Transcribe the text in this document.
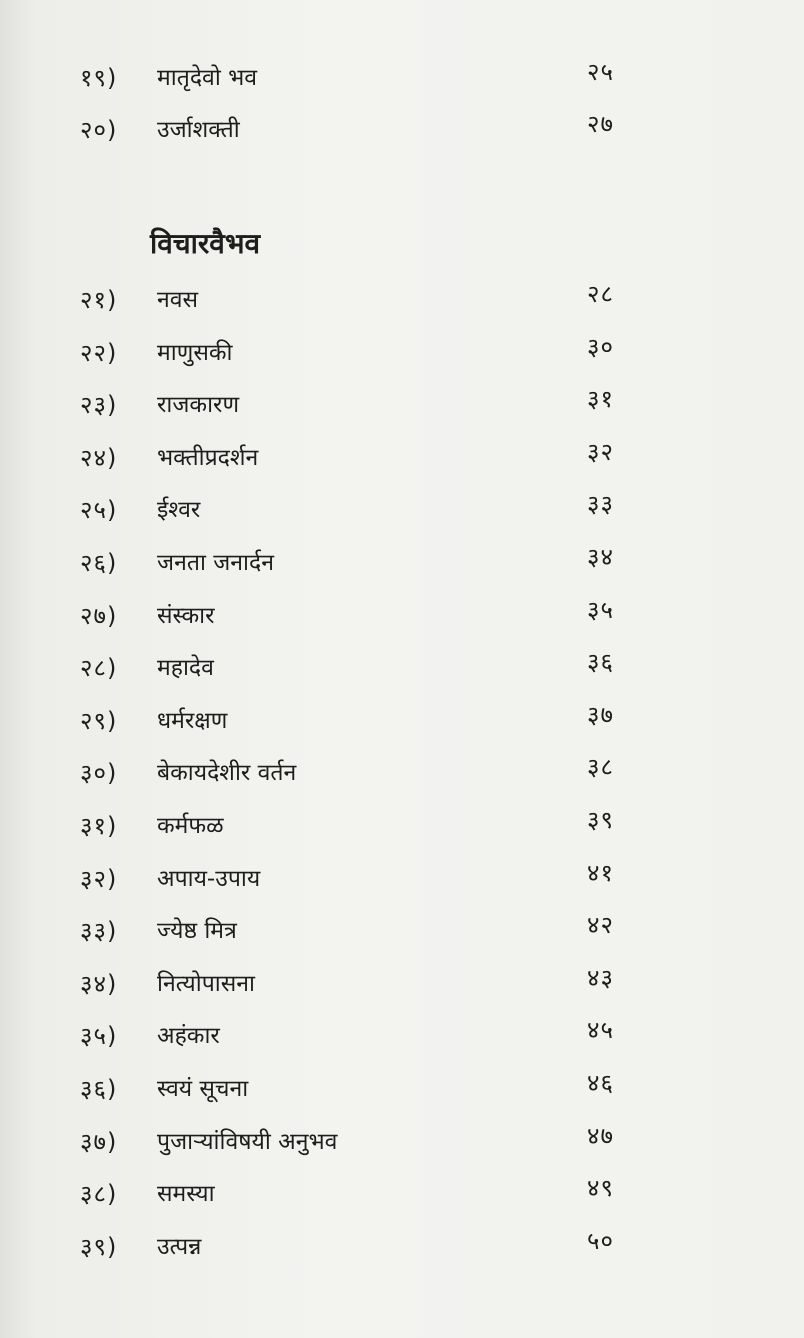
१९) मातृदेवो भव	२५
२०) उर्जाशक्ती	२७
विचारवैभव
२१) नवस	२८
२२) माणुसकी	३०
२३) राजकारण	३१
२४) भक्तीप्रदर्शन	३२
२५) ईश्वर	३३
२६) जनता जनार्दन	३४
२७) संस्कार	३५
२८) महादेव	३६
२९) धर्मरक्षण	३७
३०) बेकायदेशीर वर्तन	३८
३१) कर्मफळ	३९
३२) अपाय-उपाय	४१
३३) ज्येष्ठ मित्र	४२
३४) नित्योपासना	४३
३५) अहंकार	४५
३६) स्वयं सूचना	४६
३७) पुजाऱ्यांविषयी अनुभव	४७
३८) समस्या	४९
३९) उत्पन्न	५०
